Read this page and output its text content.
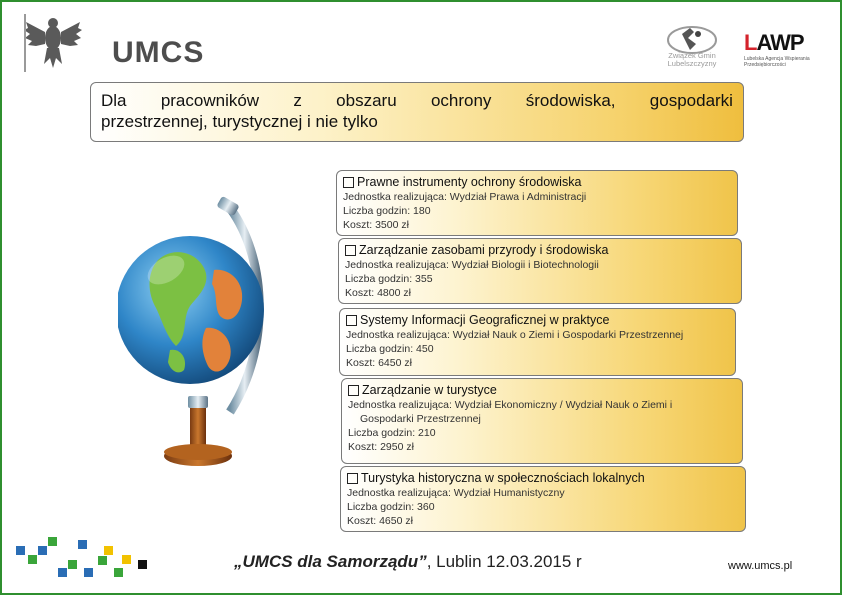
UMCS	Związek Gmin Lubelszczyzny
LAWP
Lubelska Agencja Wspierania Przedsiębiorczości
Dla pracowników z obszaru ochrony środowiska, gospodarki
przestrzennej, turystycznej i nie tylko
Prawne instrumenty ochrony środowiska
Jednostka realizująca: Wydział Prawa i Administracji
Liczba godzin: 180
Koszt: 3500 zł
Zarządzanie zasobami przyrody i środowiska
Jednostka realizująca: Wydział Biologii i Biotechnologii
Liczba godzin: 355
Koszt: 4800 zł
Systemy Informacji Geograficznej w praktyce
Jednostka realizująca: Wydział Nauk o Ziemi i Gospodarki Przestrzennej
Liczba godzin: 450
Koszt: 6450 zł
Zarządzanie w turystyce
Jednostka realizująca: Wydział Ekonomiczny / Wydział Nauk o Ziemi i
Gospodarki Przestrzennej
Liczba godzin: 210
Koszt: 2950 zł
Turystyka historyczna w społecznościach lokalnych
Jednostka realizująca: Wydział Humanistyczny
Liczba godzin: 360
Koszt: 4650 zł
„UMCS dla Samorządu”, Lublin 12.03.2015 r	www.umcs.pl
